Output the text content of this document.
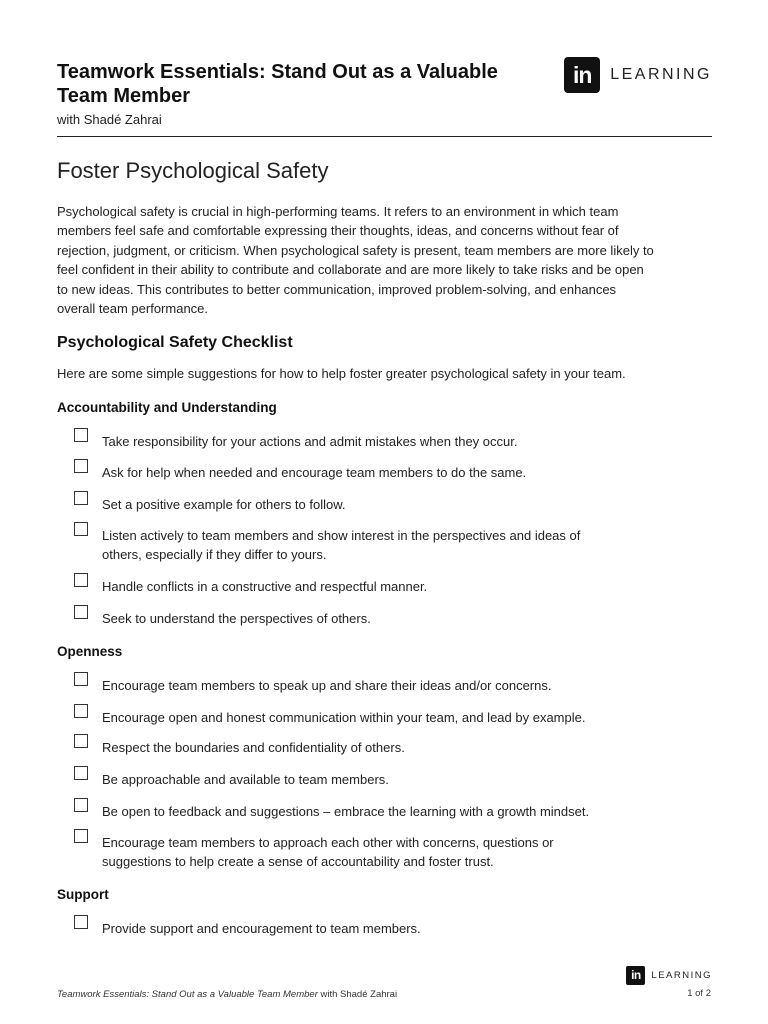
Teamwork Essentials: Stand Out as a Valuable Team Member
with Shadé Zahrai
in	LEARNING
Foster Psychological Safety

Psychological safety is crucial in high-performing teams. It refers to an environment in which team members feel safe and comfortable expressing their thoughts, ideas, and concerns without fear of rejection, judgment, or criticism. When psychological safety is present, team members are more likely to feel confident in their ability to contribute and collaborate and are more likely to take risks and be open to new ideas. This contributes to better communication, improved problem-solving, and enhances overall team performance.

Psychological Safety Checklist

Here are some simple suggestions for how to help foster greater psychological safety in your team.

Accountability and Understanding
Take responsibility for your actions and admit mistakes when they occur.
Ask for help when needed and encourage team members to do the same.
Set a positive example for others to follow.
Listen actively to team members and show interest in the perspectives and ideas of others, especially if they differ to yours.
Handle conflicts in a constructive and respectful manner.
Seek to understand the perspectives of others.
Openness
Encourage team members to speak up and share their ideas and/or concerns.
Encourage open and honest communication within your team, and lead by example.
Respect the boundaries and confidentiality of others.
Be approachable and available to team members.
Be open to feedback and suggestions – embrace the learning with a growth mindset.
Encourage team members to approach each other with concerns, questions or suggestions to help create a sense of accountability and foster trust.
Support
Provide support and encouragement to team members.
in	LEARNING
Teamwork Essentials: Stand Out as a Valuable Team Member with Shadé Zahrai	1 of 2
